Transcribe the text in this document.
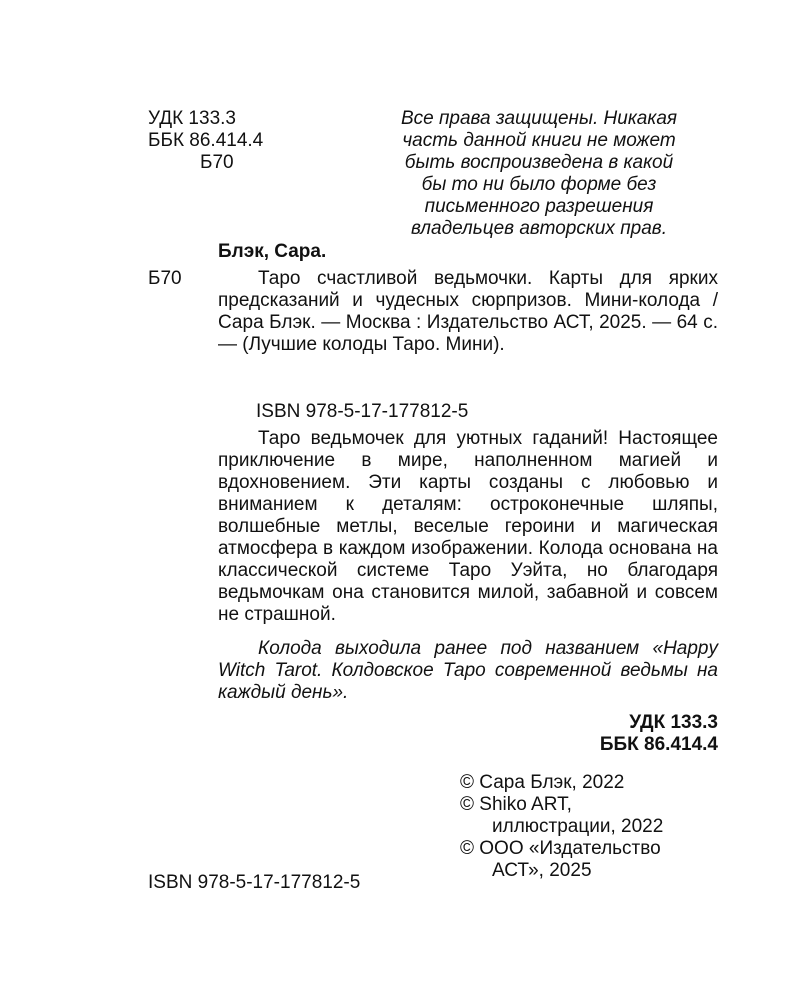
УДК 133.3
ББК 86.414.4
Б70
Все права защищены. Никакая
часть данной книги не может
быть воспроизведена в какой
бы то ни было форме без
письменного разрешения
владельцев авторских прав.
Блэк, Сара.
Б70	Таро счастливой ведьмочки. Карты для ярких предсказаний и чудесных сюрпризов. Мини-колода / Сара Блэк. — Москва : Издательство АСТ, 2025. — 64 с. — (Лучшие колоды Таро. Мини).
ISBN 978-5-17-177812-5
Таро ведьмочек для уютных гаданий! Настоящее приключение в мире, наполненном магией и вдохновением. Эти карты созданы с любовью и вниманием к деталям: остроконечные шляпы, волшебные метлы, веселые героини и магическая атмосфера в каждом изображении. Колода основана на классической системе Таро Уэйта, но благодаря ведьмочкам она становится милой, забавной и совсем не страшной.
Колода выходила ранее под названием «Happy Witch Tarot. Колдовское Таро современной ведьмы на каждый день».
УДК 133.3
ББК 86.414.4
© Сара Блэк, 2022
© Shiko ART,
иллюстрации, 2022
© ООО «Издательство
АСТ», 2025
ISBN 978-5-17-177812-5
